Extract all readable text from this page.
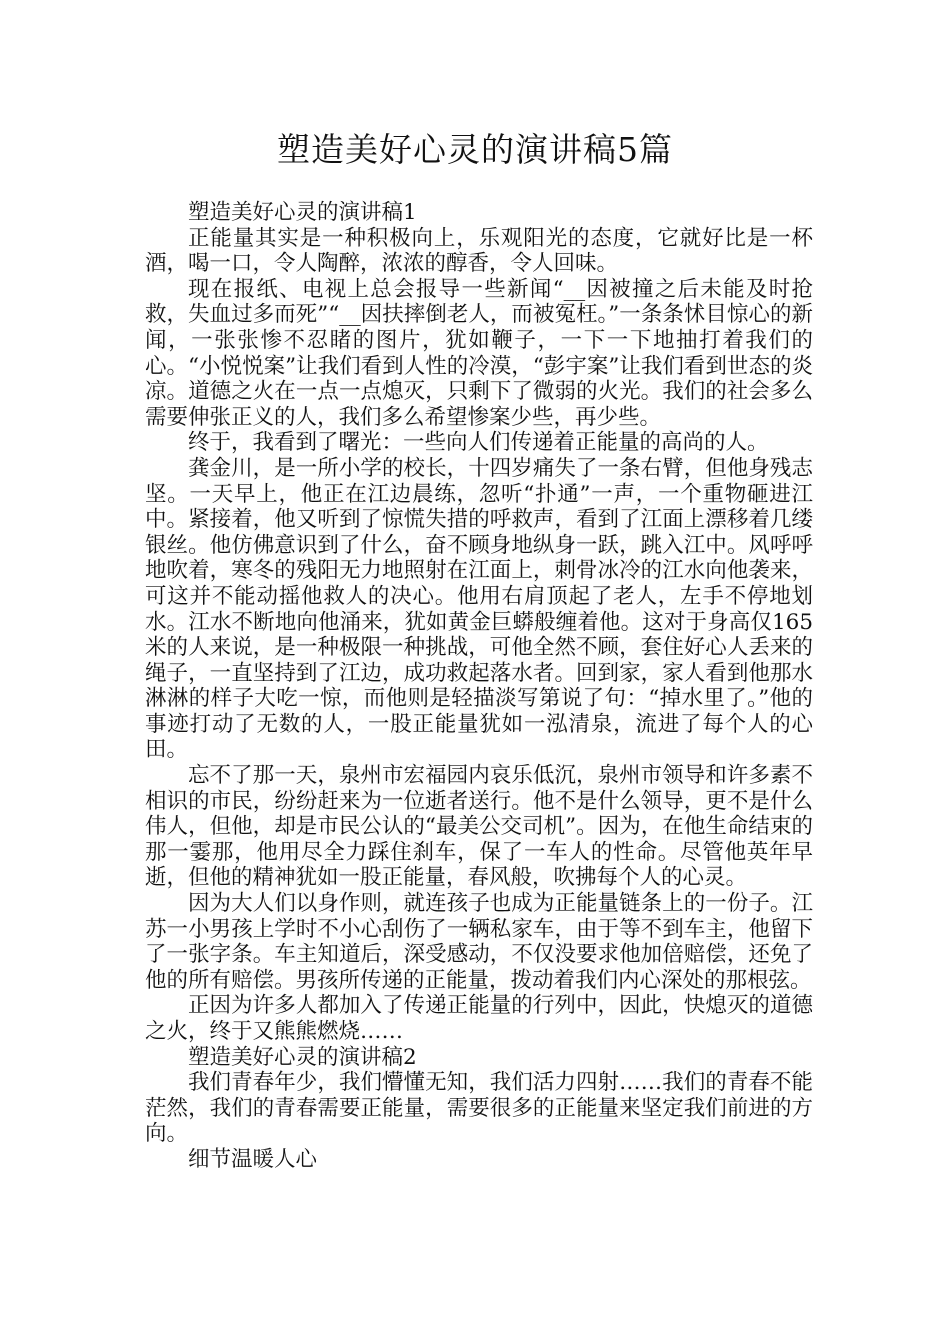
塑造美好心灵的演讲稿5篇

塑造美好心灵的演讲稿1

正能量其实是一种积极向上，乐观阳光的态度，它就好比是一杯酒，喝一口，令人陶醉，浓浓的醇香，令人回味。

现在报纸、电视上总会报导一些新闻“__因被撞之后未能及时抢救，失血过多而死”“__因扶摔倒老人，而被冤枉。”一条条怵目惊心的新闻，一张张惨不忍睹的图片，犹如鞭子，一下一下地抽打着我们的心。“小悦悦案”让我们看到人性的冷漠，“彭宇案”让我们看到世态的炎凉。道德之火在一点一点熄灭，只剩下了微弱的火光。我们的社会多么需要伸张正义的人，我们多么希望惨案少些，再少些。

终于，我看到了曙光：一些向人们传递着正能量的高尚的人。

龚金川，是一所小学的校长，十四岁痛失了一条右臂，但他身残志坚。一天早上，他正在江边晨练，忽听“扑通”一声，一个重物砸进江中。紧接着，他又听到了惊慌失措的呼救声，看到了江面上漂移着几缕银丝。他仿佛意识到了什么，奋不顾身地纵身一跃，跳入江中。风呼呼地吹着，寒冬的残阳无力地照射在江面上，刺骨冰冷的江水向他袭来，可这并不能动摇他救人的决心。他用右肩顶起了老人，左手不停地划水。江水不断地向他涌来，犹如黄金巨蟒般缠着他。这对于身高仅165米的人来说，是一种极限一种挑战，可他全然不顾，套住好心人丢来的绳子，一直坚持到了江边，成功救起落水者。回到家，家人看到他那水淋淋的样子大吃一惊，而他则是轻描淡写第说了句：“掉水里了。”他的事迹打动了无数的人，一股正能量犹如一泓清泉，流进了每个人的心田。

忘不了那一天，泉州市宏福园内哀乐低沉，泉州市领导和许多素不相识的市民，纷纷赶来为一位逝者送行。他不是什么领导，更不是什么伟人，但他，却是市民公认的“最美公交司机”。因为，在他生命结束的那一霎那，他用尽全力踩住刹车，保了一车人的性命。尽管他英年早逝，但他的精神犹如一股正能量，春风般，吹拂每个人的心灵。

因为大人们以身作则，就连孩子也成为正能量链条上的一份子。江苏一小男孩上学时不小心刮伤了一辆私家车，由于等不到车主，他留下了一张字条。车主知道后，深受感动，不仅没要求他加倍赔偿，还免了他的所有赔偿。男孩所传递的正能量，拨动着我们内心深处的那根弦。

正因为许多人都加入了传递正能量的行列中，因此，快熄灭的道德之火，终于又熊熊燃烧……

塑造美好心灵的演讲稿2

我们青春年少，我们懵懂无知，我们活力四射……我们的青春不能茫然，我们的青春需要正能量，需要很多的正能量来坚定我们前进的方向。

细节温暖人心
